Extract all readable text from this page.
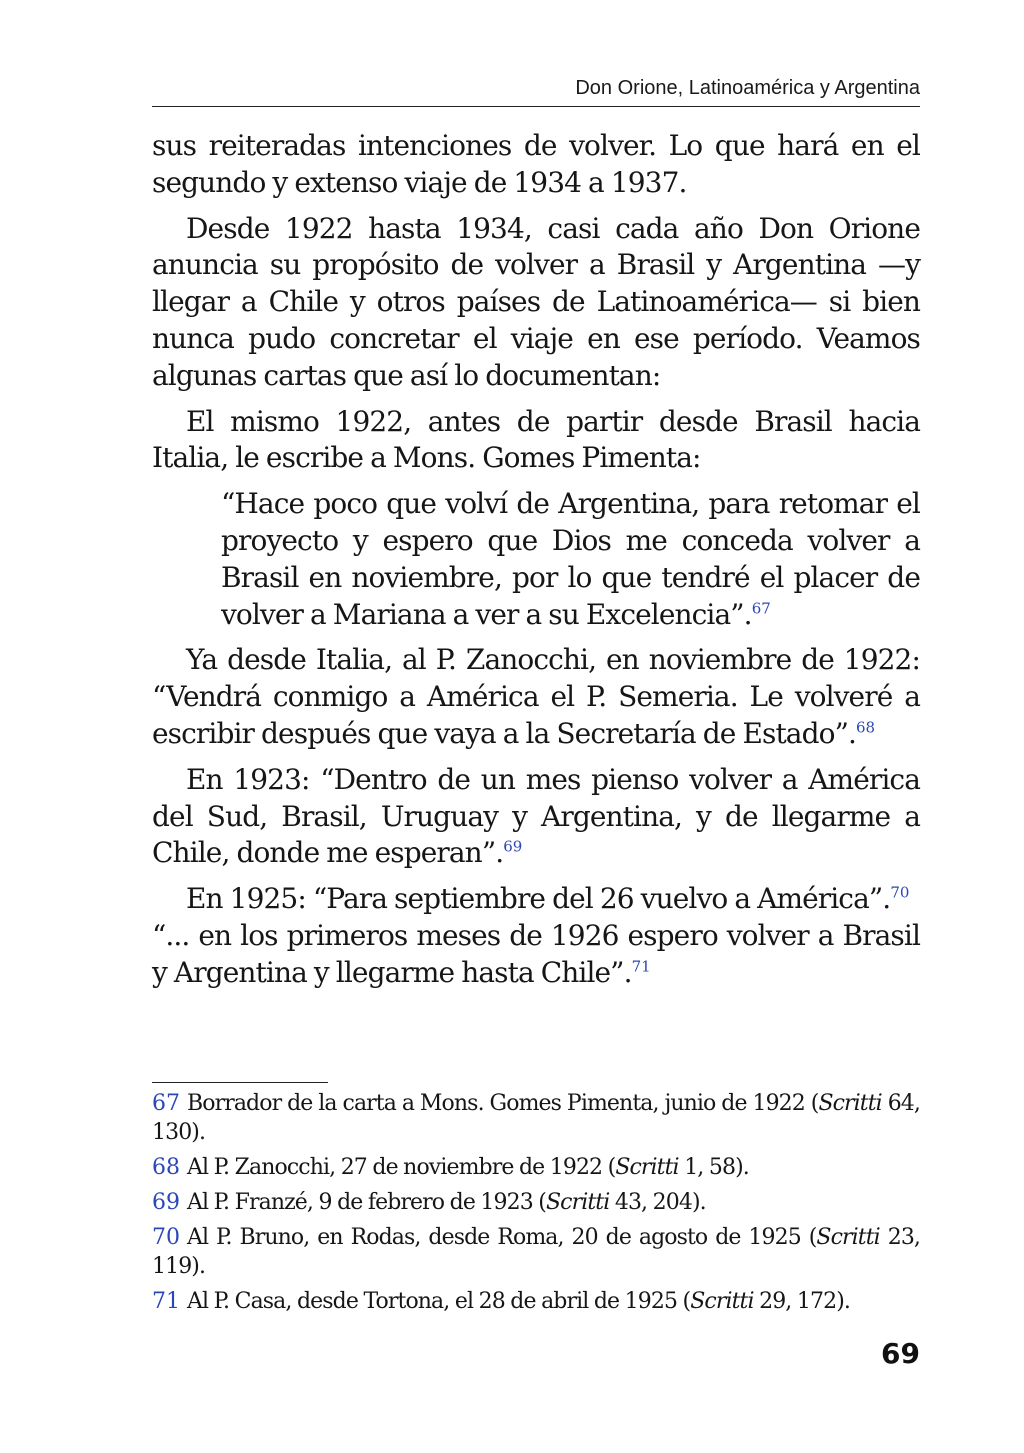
Don Orione, Latinoamérica y Argentina

sus reiteradas intenciones de volver. Lo que hará en el segundo y extenso viaje de 1934 a 1937.

Desde 1922 hasta 1934, casi cada año Don Orione anuncia su propósito de volver a Brasil y Argentina —y llegar a Chile y otros países de Latinoamérica— si bien nunca pudo concretar el viaje en ese período. Veamos algunas cartas que así lo documentan:

El mismo 1922, antes de partir desde Brasil hacia Italia, le escribe a Mons. Gomes Pimenta:

“Hace poco que volví de Argentina, para retomar el proyecto y espero que Dios me conceda volver a Brasil en noviembre, por lo que tendré el placer de volver a Mariana a ver a su Excelencia”.$^{67}$

Ya desde Italia, al P. Zanocchi, en noviembre de 1922: “Vendrá conmigo a América el P. Semeria. Le volveré a escribir después que vaya a la Secretaría de Estado”.$^{68}$

En 1923: “Dentro de un mes pienso volver a América del Sud, Brasil, Uruguay y Argentina, y de llegarme a Chile, donde me esperan”.$^{69}$

En 1925: “Para septiembre del 26 vuelvo a América”.$^{70}$
“... en los primeros meses de 1926 espero volver a Brasil y Argentina y llegarme hasta Chile”.$^{71}$

67 Borrador de la carta a Mons. Gomes Pimenta, junio de 1922 (Scritti 64, 130).
68 Al P. Zanocchi, 27 de noviembre de 1922 (Scritti 1, 58).
69 Al P. Franzé, 9 de febrero de 1923 (Scritti 43, 204).
70 Al P. Bruno, en Rodas, desde Roma, 20 de agosto de 1925 (Scritti 23, 119).
71 Al P. Casa, desde Tortona, el 28 de abril de 1925 (Scritti 29, 172).
69
